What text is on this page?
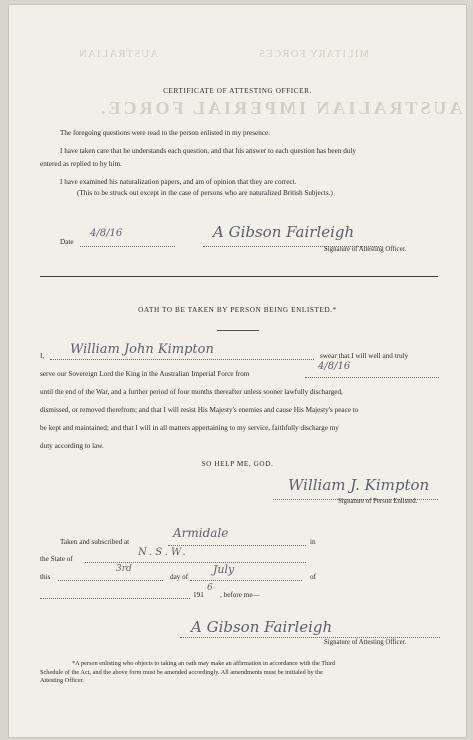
AUSTRALIAN	MILITARY FORCES
AUSTRALIAN IMPERIAL FORCE.
CERTIFICATE OF ATTESTING OFFICER.
The foregoing questions were read to the person enlisted in my presence.
I have taken care that he understands each question, and that his answer to each question has been duly
entered as replied to by him.
I have examined his naturalization papers, and am of opinion that they are correct.
(This to be struck out except in the case of persons who are naturalized British Subjects.)
Date
4/8/16	A Gibson Fairleigh
Signature of Attesting Officer.
OATH TO BE TAKEN BY PERSON BEING ENLISTED.*
I, William John Kimpton	swear that I will well and truly
serve our Sovereign Lord the King in the Australian Imperial Force from
4/8/16
until the end of the War, and a further period of four months thereafter unless sooner lawfully discharged,
dismissed, or removed therefrom; and that I will resist His Majesty's enemies and cause His Majesty's peace to
be kept and maintained; and that I will in all matters appertaining to my service, faithfully discharge my
duty according to law.
SO HELP ME, GOD.
William J. Kimpton
Signature of Person Enlisted.
Taken and subscribed at
Armidale
in
the State of
N.S.W.
this
3rd
day of
July
of
191
6
, before me—
A Gibson Fairleigh
Signature of Attesting Officer.
*A person enlisting who objects to taking an oath may make an affirmation in accordance with the Third
Schedule of the Act, and the above form must be amended accordingly. All amendments must be initialed by the
Attesting Officer.
